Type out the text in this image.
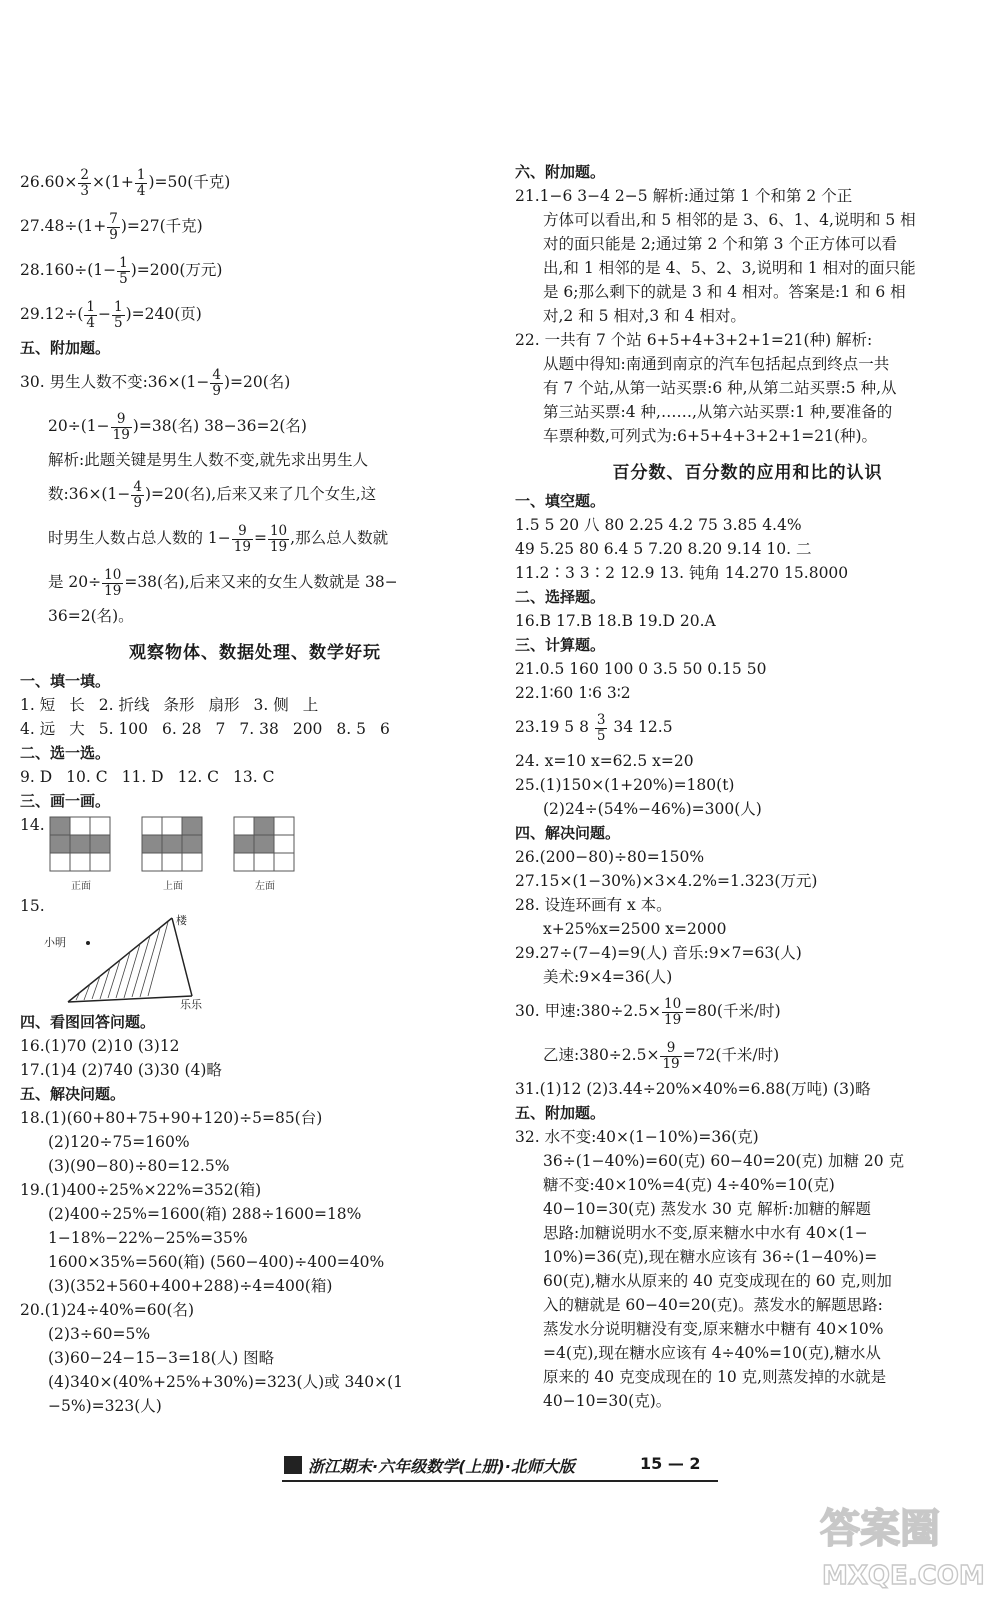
$26.60\times \frac{2}{3} \times(1+ \frac{1}{4} )=50$(千克)
$27.48\div(1+ \frac{7}{9} )=27$(千克)
$28.160\div(1- \frac{1}{5} )=200$(万元)
$29.12\div( \frac{1}{4} - \frac{1}{5} )=240$(页)
五、附加题。
30. 男生人数不变:36×(1− $\frac{4}{9} )=20$(名)
$20\div(1- \frac{9}{19} )=38$(名) 38−36=2(名)
解析:此题关键是男生人数不变,就先求出男生人
数:36×(1− $\frac{4}{9} )=20$(名),后来又来了几个女生,这
时男生人数占总人数的 $1- \frac{9}{19} = \frac{10}{19}$ ,那么总人数就
是 $20\div \frac{10}{19} =38$(名),后来又来的女生人数就是 38−
36=2(名)。
观察物体、数据处理、数学好玩
一、填一填。
1. 短 长 2. 折线 条形 扇形 3. 侧 上
4. 远 大 5. 100 6. 28 7 7. 38 200 8. 5 6
二、选一选。
9. D 10. C 11. D 12. C 13. C
三、画一画。
14.
正面	上面	左面
15.
小明
楼
乐乐
四、看图回答问题。
16.(1)70 (2)10 (3)12
17.(1)4 (2)740 (3)30 (4)略
五、解决问题。
18.(1)(60+80+75+90+120)÷5=85(台)
(2)120÷75=160%
(3)(90−80)÷80=12.5%
19.(1)400÷25%×22%=352(箱)
(2)400÷25%=1600(箱) 288÷1600=18%
1−18%−22%−25%=35%
1600×35%=560(箱) (560−400)÷400=40%
(3)(352+560+400+288)÷4=400(箱)
20.(1)24÷40%=60(名)
(2)3÷60=5%
(3)60−24−15−3=18(人) 图略
(4)340×(40%+25%+30%)=323(人)或 340×(1
−5%)=323(人)
六、附加题。
21.1−6 3−4 2−5 解析:通过第 1 个和第 2 个正
方体可以看出,和 5 相邻的是 3、6、1、4,说明和 5 相
对的面只能是 2;通过第 2 个和第 3 个正方体可以看
出,和 1 相邻的是 4、5、2、3,说明和 1 相对的面只能
是 6;那么剩下的就是 3 和 4 相对。答案是:1 和 6 相
对,2 和 5 相对,3 和 4 相对。
22. 一共有 7 个站 6+5+4+3+2+1=21(种) 解析:
从题中得知:南通到南京的汽车包括起点到终点一共
有 7 个站,从第一站买票:6 种,从第二站买票:5 种,从
第三站买票:4 种,……,从第六站买票:1 种,要准备的
车票种数,可列式为:6+5+4+3+2+1=21(种)。
百分数、百分数的应用和比的认识
一、填空题。
1.5 5 20 八 80 2.25 4.2 75 3.85 4.4%
49 5.25 80 6.4 5 7.20 8.20 9.14 10. 二
11.2∶3 3∶2 12.9 13. 钝角 14.270 15.8000
二、选择题。
16.B 17.B 18.B 19.D 20.A
三、计算题。
21.0.5 160 100 0 3.5 50 0.15 50
22.1∶60 1∶6 3∶2
23.19 5 $8 \frac{3}{5} 34$ 12.5
24. x=10 x=62.5 x=20
25.(1)150×(1+20%)=180(t)
(2)24÷(54%−46%)=300(人)
四、解决问题。
26.(200−80)÷80=150%
27.15×(1−30%)×3×4.2%=1.323(万元)
28. 设连环画有 x 本。
x+25%x=2500 x=2000
29.27÷(7−4)=9(人) 音乐:9×7=63(人)
美术:9×4=36(人)
30. 甲速:380÷2.5× $\frac{10}{19} =80$(千米/时)
乙速:380÷2.5× $\frac{9}{19} =72$(千米/时)
31.(1)12 (2)3.44÷20%×40%=6.88(万吨) (3)略
五、附加题。
32. 水不变:40×(1−10%)=36(克)
36÷(1−40%)=60(克) 60−40=20(克) 加糖 20 克
糖不变:40×10%=4(克) 4÷40%=10(克)
40−10=30(克) 蒸发水 30 克 解析:加糖的解题
思路:加糖说明水不变,原来糖水中水有 40×(1−
10%)=36(克),现在糖水应该有 36÷(1−40%)=
60(克),糖水从原来的 40 克变成现在的 60 克,则加
入的糖就是 60−40=20(克)。蒸发水的解题思路:
蒸发水分说明糖没有变,原来糖水中糖有 40×10%
=4(克),现在糖水应该有 4÷40%=10(克),糖水从
原来的 40 克变成现在的 10 克,则蒸发掉的水就是
40−10=30(克)。
浙江期末·六年级数学(上册)·北师大版	15 — 2
答案圈
MXQE.COM
